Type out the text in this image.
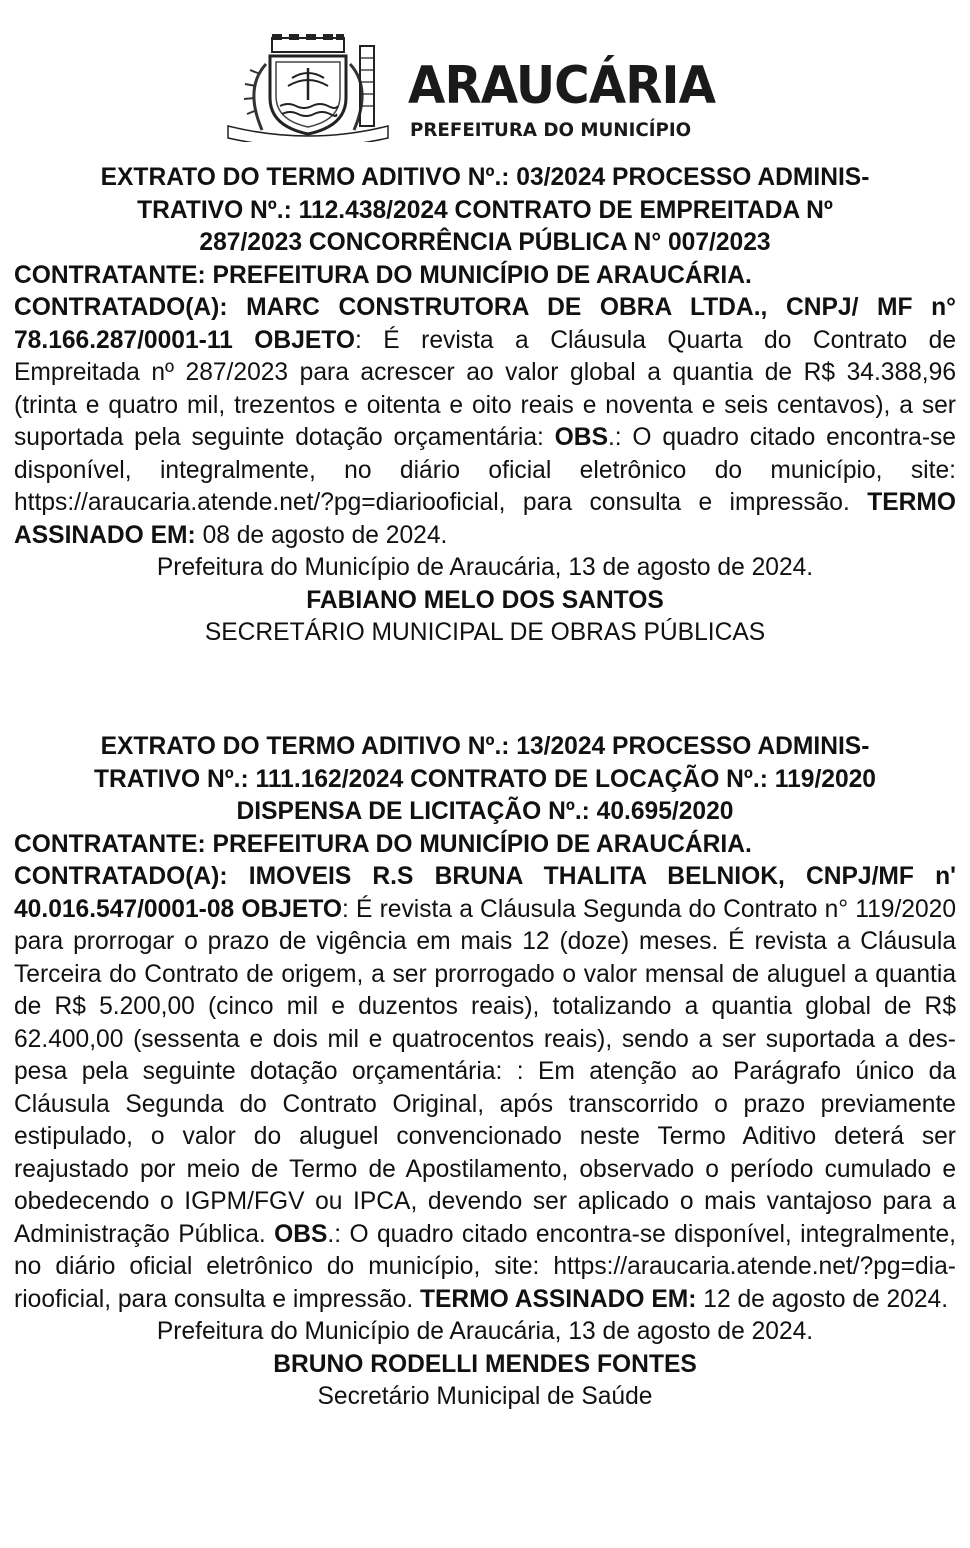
ARAUCÁRIA
PREFEITURA DO MUNICÍPIO
EXTRATO DO TERMO ADITIVO Nº.: 03/2024 PROCESSO ADMINIS-
TRATIVO Nº.: 112.438/2024 CONTRATO DE EMPREITADA Nº
287/2023 CONCORRÊNCIA PÚBLICA N° 007/2023
CONTRATANTE: PREFEITURA DO MUNICÍPIO DE ARAUCÁRIA.
CONTRATADO(A): MARC CONSTRUTORA DE OBRA LTDA., CNPJ/ MF n° 78.166.287/0001-11 OBJETO: É revista a Cláusula Quarta do Contrato de Empreitada nº 287/2023 para acrescer ao valor global a quantia de R$ 34.388,96 (trinta e quatro mil, trezentos e oitenta e oito reais e noventa e seis centavos), a ser suportada pela seguinte dotação orçamentária: OBS.: O quadro citado encontra-se disponível, integralmente, no diário oficial eletrônico do município, site: https://araucaria.atende.net/?pg=diariooficial, para consulta e impressão. TERMO ASSINADO EM: 08 de agosto de 2024.
Prefeitura do Município de Araucária, 13 de agosto de 2024.
FABIANO MELO DOS SANTOS
SECRETÁRIO MUNICIPAL DE OBRAS PÚBLICAS
EXTRATO DO TERMO ADITIVO Nº.: 13/2024 PROCESSO ADMINIS-
TRATIVO Nº.: 111.162/2024 CONTRATO DE LOCAÇÃO Nº.: 119/2020
DISPENSA DE LICITAÇÃO Nº.: 40.695/2020
CONTRATANTE: PREFEITURA DO MUNICÍPIO DE ARAUCÁRIA.
CONTRATADO(A): IMOVEIS R.S BRUNA THALITA BELNIOK, CNPJ/MF n' 40.016.547/0001-08 OBJETO: É revista a Cláusula Segunda do Contrato n° 119/2020 para prorrogar o prazo de vigência em mais 12 (doze) meses. É revista a Cláusula Terceira do Contrato de origem, a ser prorrogado o valor mensal de aluguel a quantia de R$ 5.200,00 (cinco mil e duzentos reais), totalizando a quantia global de R$ 62.400,00 (sessenta e dois mil e quatrocentos reais), sendo a ser suportada a despesa pela seguinte dotação orçamentária: : Em atenção ao Parágrafo único da Cláusula Segunda do Contrato Original, após transcorrido o prazo previamente estipulado, o valor do aluguel convencionado neste Termo Aditivo deterá ser reajustado por meio de Termo de Apostilamento, observado o período cumulado e obedecendo o IGPM/FGV ou IPCA, devendo ser aplicado o mais vantajoso para a Administração Pública. OBS.: O quadro citado encontra-se disponível, integralmente, no diário oficial eletrônico do município, site: https://araucaria.atende.net/?pg=diariooficial, para consulta e impressão. TERMO ASSINADO EM: 12 de agosto de 2024.
Prefeitura do Município de Araucária, 13 de agosto de 2024.
BRUNO RODELLI MENDES FONTES
Secretário Municipal de Saúde
